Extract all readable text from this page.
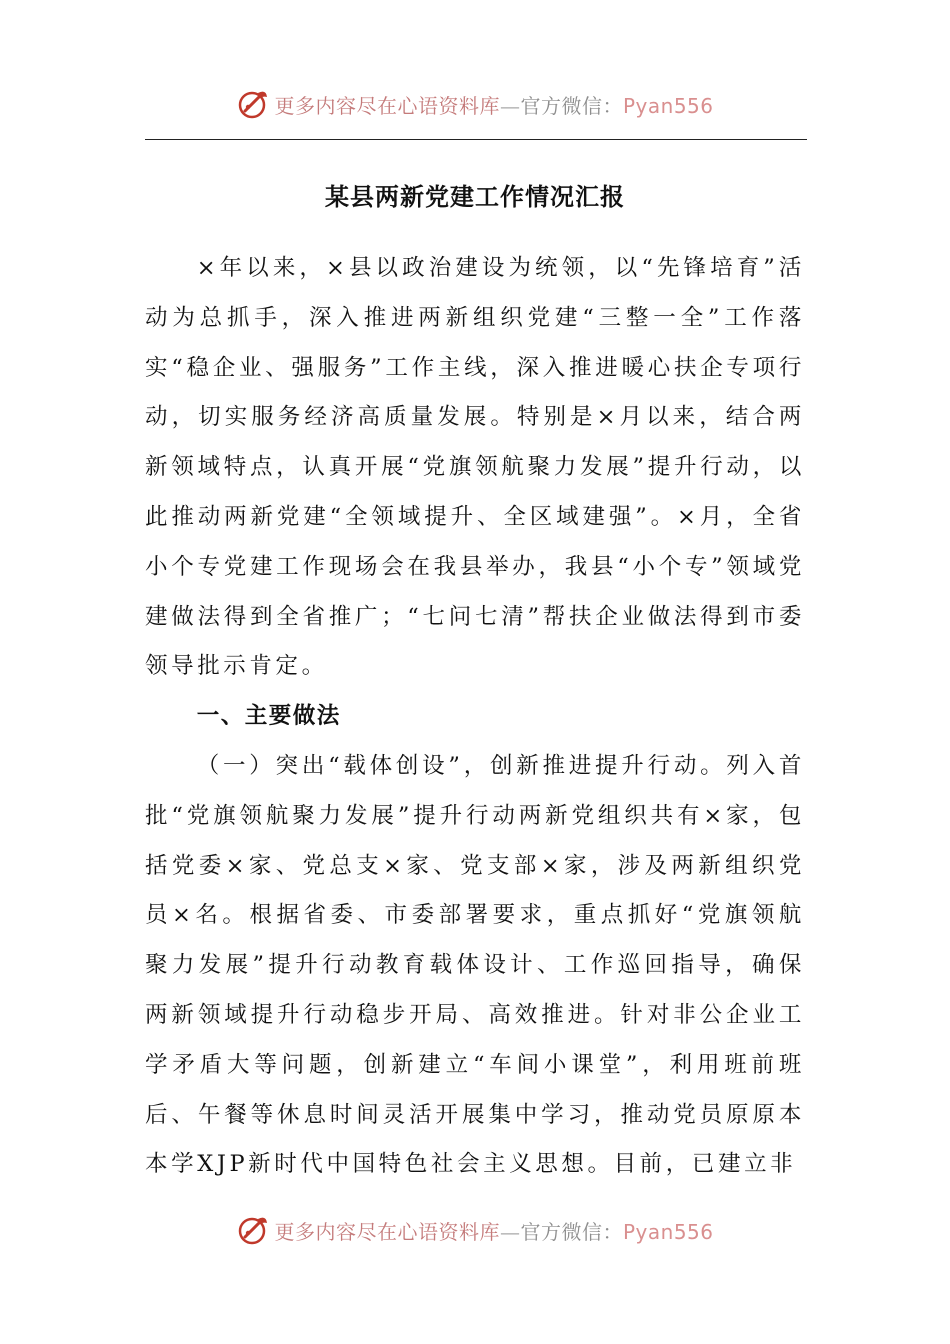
更多内容尽在心语资料库—官方微信：Pyan556
某县两新党建工作情况汇报

×年以来，×县以政治建设为统领，以“先锋培育”活动为总抓手，深入推进两新组织党建“三整一全”工作落实“稳企业、强服务”工作主线，深入推进暖心扶企专项行动，切实服务经济高质量发展。特别是×月以来，结合两新领域特点，认真开展“党旗领航聚力发展”提升行动，以此推动两新党建“全领域提升、全区域建强”。×月，全省小个专党建工作现场会在我县举办，我县“小个专”领域党建做法得到全省推广；“七问七清”帮扶企业做法得到市委领导批示肯定。

一、主要做法

（一）突出“载体创设”，创新推进提升行动。列入首批“党旗领航聚力发展”提升行动两新党组织共有×家，包括党委×家、党总支×家、党支部×家，涉及两新组织党员×名。根据省委、市委部署要求，重点抓好“党旗领航聚力发展”提升行动教育载体设计、工作巡回指导，确保两新领域提升行动稳步开局、高效推进。针对非公企业工学矛盾大等问题，创新建立“车间小课堂”，利用班前班后、午餐等休息时间灵活开展集中学习，推动党员原原本本学XJP新时代中国特色社会主义思想。目前，已建立非

更多内容尽在心语资料库—官方微信：Pyan556
